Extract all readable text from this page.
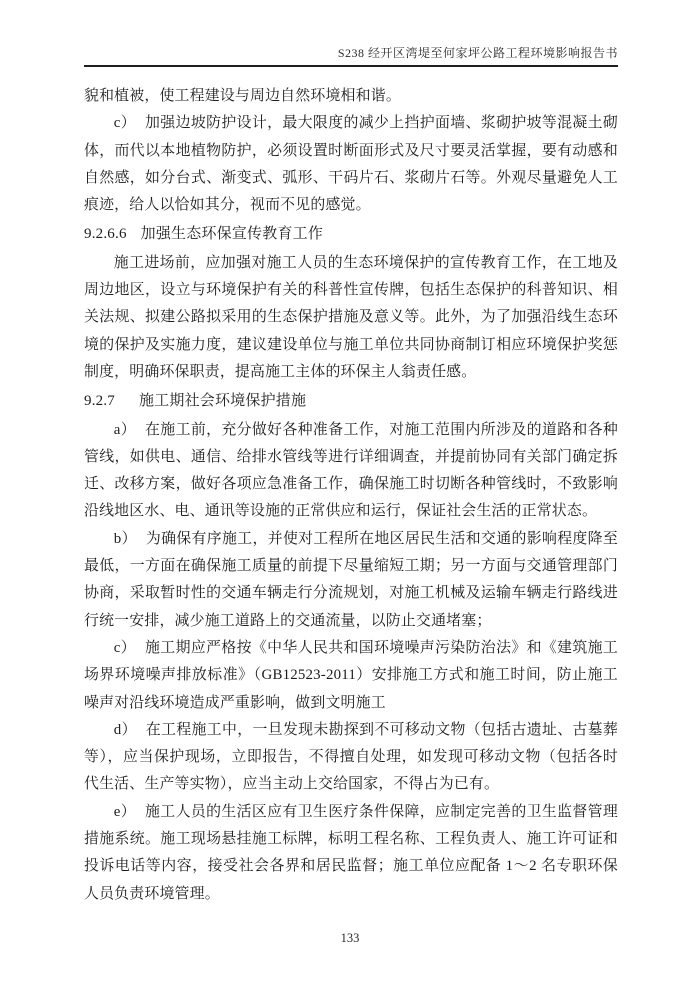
S238 经开区湾堤至何家坪公路工程环境影响报告书

貌和植被，使工程建设与周边自然环境相和谐。

c） 加强边坡防护设计，最大限度的减少上挡护面墙、浆砌护坡等混凝土砌体，而代以本地植物防护，必须设置时断面形式及尺寸要灵活掌握，要有动感和自然感，如分台式、渐变式、弧形、干码片石、浆砌片石等。外观尽量避免人工痕迹，给人以恰如其分，视而不见的感觉。

9.2.6.6 加强生态环保宣传教育工作

施工进场前，应加强对施工人员的生态环境保护的宣传教育工作，在工地及周边地区，设立与环境保护有关的科普性宣传牌，包括生态保护的科普知识、相关法规、拟建公路拟采用的生态保护措施及意义等。此外，为了加强沿线生态环境的保护及实施力度，建议建设单位与施工单位共同协商制订相应环境保护奖惩制度，明确环保职责，提高施工主体的环保主人翁责任感。

9.2.7 施工期社会环境保护措施

a） 在施工前，充分做好各种准备工作，对施工范围内所涉及的道路和各种管线，如供电、通信、给排水管线等进行详细调查，并提前协同有关部门确定拆迁、改移方案，做好各项应急准备工作，确保施工时切断各种管线时，不致影响沿线地区水、电、通讯等设施的正常供应和运行，保证社会生活的正常状态。

b） 为确保有序施工，并使对工程所在地区居民生活和交通的影响程度降至最低，一方面在确保施工质量的前提下尽量缩短工期；另一方面与交通管理部门协商，采取暂时性的交通车辆走行分流规划，对施工机械及运输车辆走行路线进行统一安排，减少施工道路上的交通流量，以防止交通堵塞；

c） 施工期应严格按《中华人民共和国环境噪声污染防治法》和《建筑施工场界环境噪声排放标准》（GB12523-2011）安排施工方式和施工时间，防止施工噪声对沿线环境造成严重影响，做到文明施工

d） 在工程施工中，一旦发现未勘探到不可移动文物（包括古遗址、古墓葬等），应当保护现场，立即报告，不得擅自处理，如发现可移动文物（包括各时代生活、生产等实物），应当主动上交给国家，不得占为已有。

e） 施工人员的生活区应有卫生医疗条件保障，应制定完善的卫生监督管理措施系统。施工现场悬挂施工标牌，标明工程名称、工程负责人、施工许可证和投诉电话等内容，接受社会各界和居民监督；施工单位应配备 1～2 名专职环保人员负责环境管理。

133
